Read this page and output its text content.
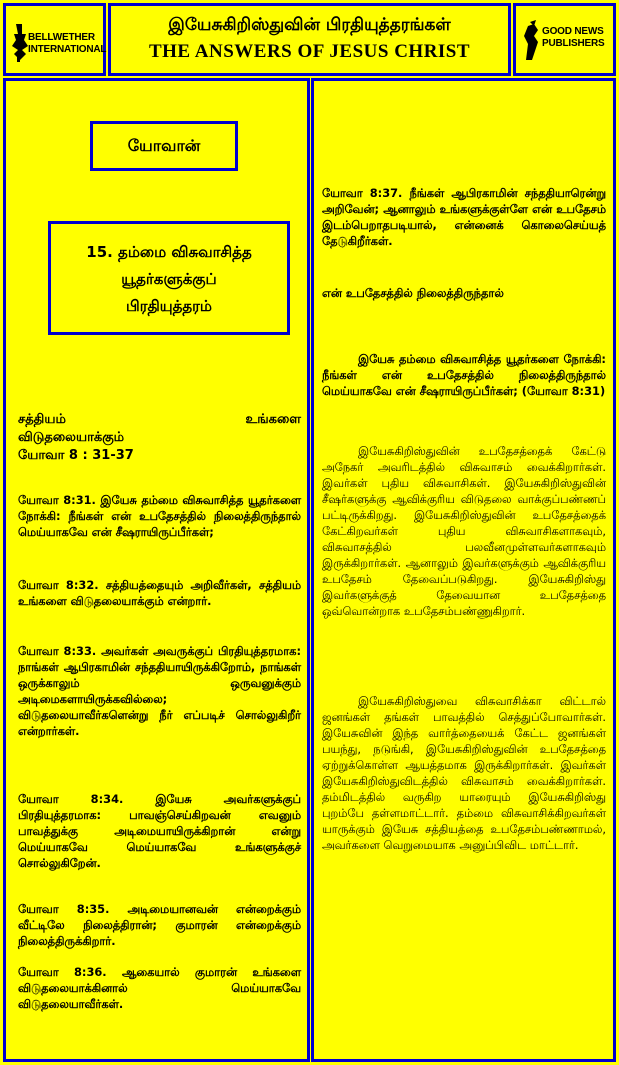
BELLWETHER
INTERNATIONAL
இயேசுகிறிஸ்துவின் பிரதியுத்தரங்கள்
THE ANSWERS OF JESUS CHRIST
GOOD NEWS
PUBLISHERS
யோவான்
15. தம்மை விசுவாசித்த
யூதர்களுக்குப்
பிரதியுத்தரம்
சத்தியம் உங்களை
விடுதலையாக்கும்
யோவா 8 : 31-37
யோவா 8:31. இயேசு தம்மை விசுவாசித்த யூதர்களை நோக்கி: நீங்கள் என் உபதேசத்தில் நிலைத்திருந்தால் மெய்யாகவே என் சீஷராயிருப்பீர்கள்;
யோவா 8:32. சத்தியத்தையும் அறிவீர்கள், சத்தியம் உங்களை விடுதலையாக்கும் என்றார்.
யோவா 8:33. அவர்கள் அவருக்குப் பிரதியுத்தரமாக: நாங்கள் ஆபிரகாமின் சந்ததியாயிருக்கிறோம், நாங்கள் ஒருக்காலும் ஒருவனுக்கும் அடிமைகளாயிருக்கவில்லை; விடுதலையாவீர்களென்று நீர் எப்படிச் சொல்லுகிறீர் என்றார்கள்.
யோவா 8:34. இயேசு அவர்களுக்குப் பிரதியுத்தரமாக: பாவஞ்செய்கிறவன் எவனும் பாவத்துக்கு அடிமையாயிருக்கிறான் என்று மெய்யாகவே மெய்யாகவே உங்களுக்குச் சொல்லுகிறேன்.
யோவா 8:35. அடிமையானவன் என்றைக்கும் வீட்டிலே நிலைத்திரான்; குமாரன் என்றைக்கும் நிலைத்திருக்கிறார்.
யோவா 8:36. ஆகையால் குமாரன் உங்களை விடுதலையாக்கினால் மெய்யாகவே விடுதலையாவீர்கள்.
யோவா 8:37. நீங்கள் ஆபிரகாமின் சந்ததியாரென்று அறிவேன்; ஆனாலும் உங்களுக்குள்ளே என் உபதேசம் இடம்பெறாதபடியால், என்னைக் கொலைசெய்யத் தேடுகிறீர்கள்.
என் உபதேசத்தில் நிலைத்திருந்தால்
இயேசு தம்மை விசுவாசித்த யூதர்களை நோக்கி: நீங்கள் என் உபதேசத்தில் நிலைத்திருந்தால் மெய்யாகவே என் சீஷராயிருப்பீர்கள்; (யோவா 8:31)
இயேசுகிறிஸ்துவின் உபதேசத்தைக் கேட்டு அநேகர் அவரிடத்தில் விசுவாசம் வைக்கிறார்கள். இவர்கள் புதிய விசுவாசிகள். இயேசுகிறிஸ்துவின் சீஷர்களுக்கு ஆவிக்குரிய விடுதலை வாக்குப்பண்ணப் பட்டிருக்கிறது. இயேசுகிறிஸ்துவின் உபதேசத்தைக் கேட்கிறவர்கள் புதிய விசுவாசிகளாகவும், விசுவாசத்தில் பலவீனமுள்ளவர்களாகவும் இருக்கிறார்கள். ஆனாலும் இவர்களுக்கும் ஆவிக்குரிய உபதேசம் தேவைப்படுகிறது. இயேசுகிறிஸ்து இவர்களுக்குத் தேவையான உபதேசத்தை ஒவ்வொன்றாக உபதேசம்பண்ணுகிறார்.
இயேசுகிறிஸ்துவை விசுவாசிக்கா விட்டால் ஜனங்கள் தங்கள் பாவத்தில் செத்துப்போவார்கள். இயேசுவின் இந்த வார்த்தையைக் கேட்ட ஜனங்கள் பயந்து, நடுங்கி, இயேசுகிறிஸ்துவின் உபதேசத்தை ஏற்றுக்கொள்ள ஆயத்தமாக இருக்கிறார்கள். இவர்கள் இயேசுகிறிஸ்துவிடத்தில் விசுவாசம் வைக்கிறார்கள். தம்மிடத்தில் வருகிற யாரையும் இயேசுகிறிஸ்து புறம்பே தள்ளமாட்டார். தம்மை விசுவாசிக்கிறவர்கள் யாருக்கும் இயேசு சத்தியத்தை உபதேசம்பண்ணாமல், அவர்களை வெறுமையாக அனுப்பிவிட மாட்டார்.
